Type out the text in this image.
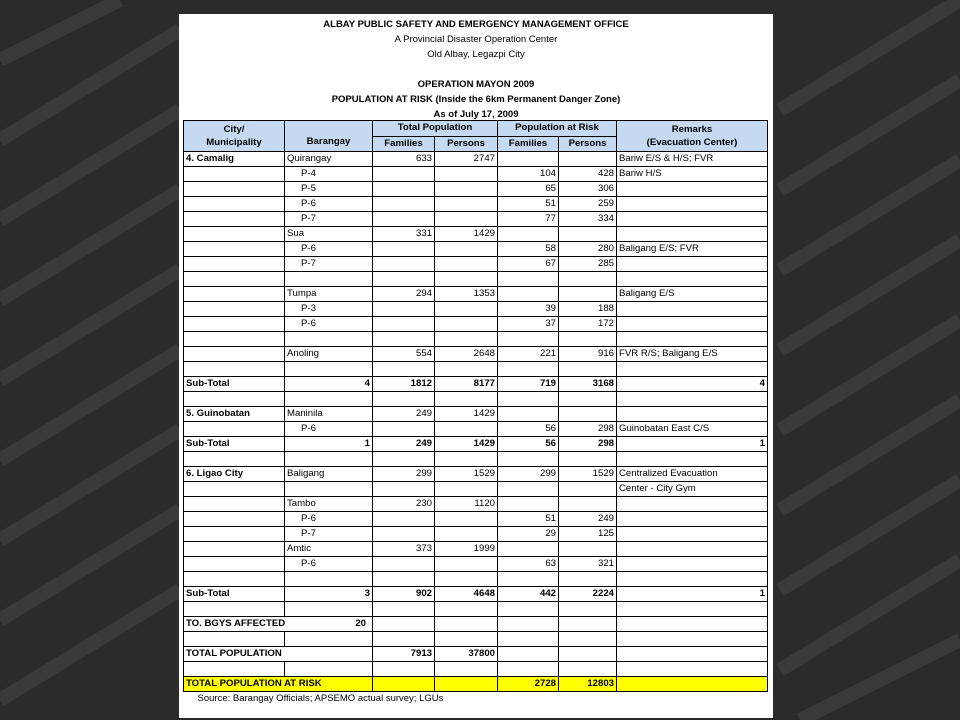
ALBAY PUBLIC SAFETY AND EMERGENCY MANAGEMENT OFFICE
A Provincial Disaster Operation Center
Old Albay, Legazpi City
OPERATION MAYON 2009
POPULATION AT RISK (Inside the 6km Permanent Danger Zone)
As of July 17, 2009
City/
Municipality	Barangay	Total Population		Population at Risk		Remarks
(Evacuation Center)
		Families	Persons	Families	Persons	
4. Camalig	Quirangay	633	2747			Bariw E/S & H/S; FVR
	P-4			104	428	Bariw H/S
	P-5			65	306	
	P-6			51	259	
	P-7			77	334	
	Sua	331	1429			
	P-6			58	280	Baligang E/S; FVR
	P-7			67	285	

	Tumpa	294	1353			Baligang E/S
	P-3			39	188	
	P-6			37	172	

	Anoling	554	2648	221	916	FVR R/S; Baligang E/S

Sub-Total	4	1812	8177	719	3168	4

5. Guinobatan	Maninila	249	1429			
	P-6			56	298	Guinobatan East C/S
Sub-Total	1	249	1429	56	298	1

6. Ligao City	Baligang	299	1529	299	1529	Centralized Evacuation
						Center - City Gym
	Tambo	230	1120			
	P-6			51	249	
	P-7			29	125	
	Amtic	373	1999			
	P-6			63	321	

Sub-Total	3	902	4648	442	2224	1

TO. BGYS AFFECTED 20						

TOTAL POPULATION		7913	37800			

TOTAL POPULATION AT RISK				2728	12803	
Source: Barangay Officials; APSEMO actual survey; LGUs						
